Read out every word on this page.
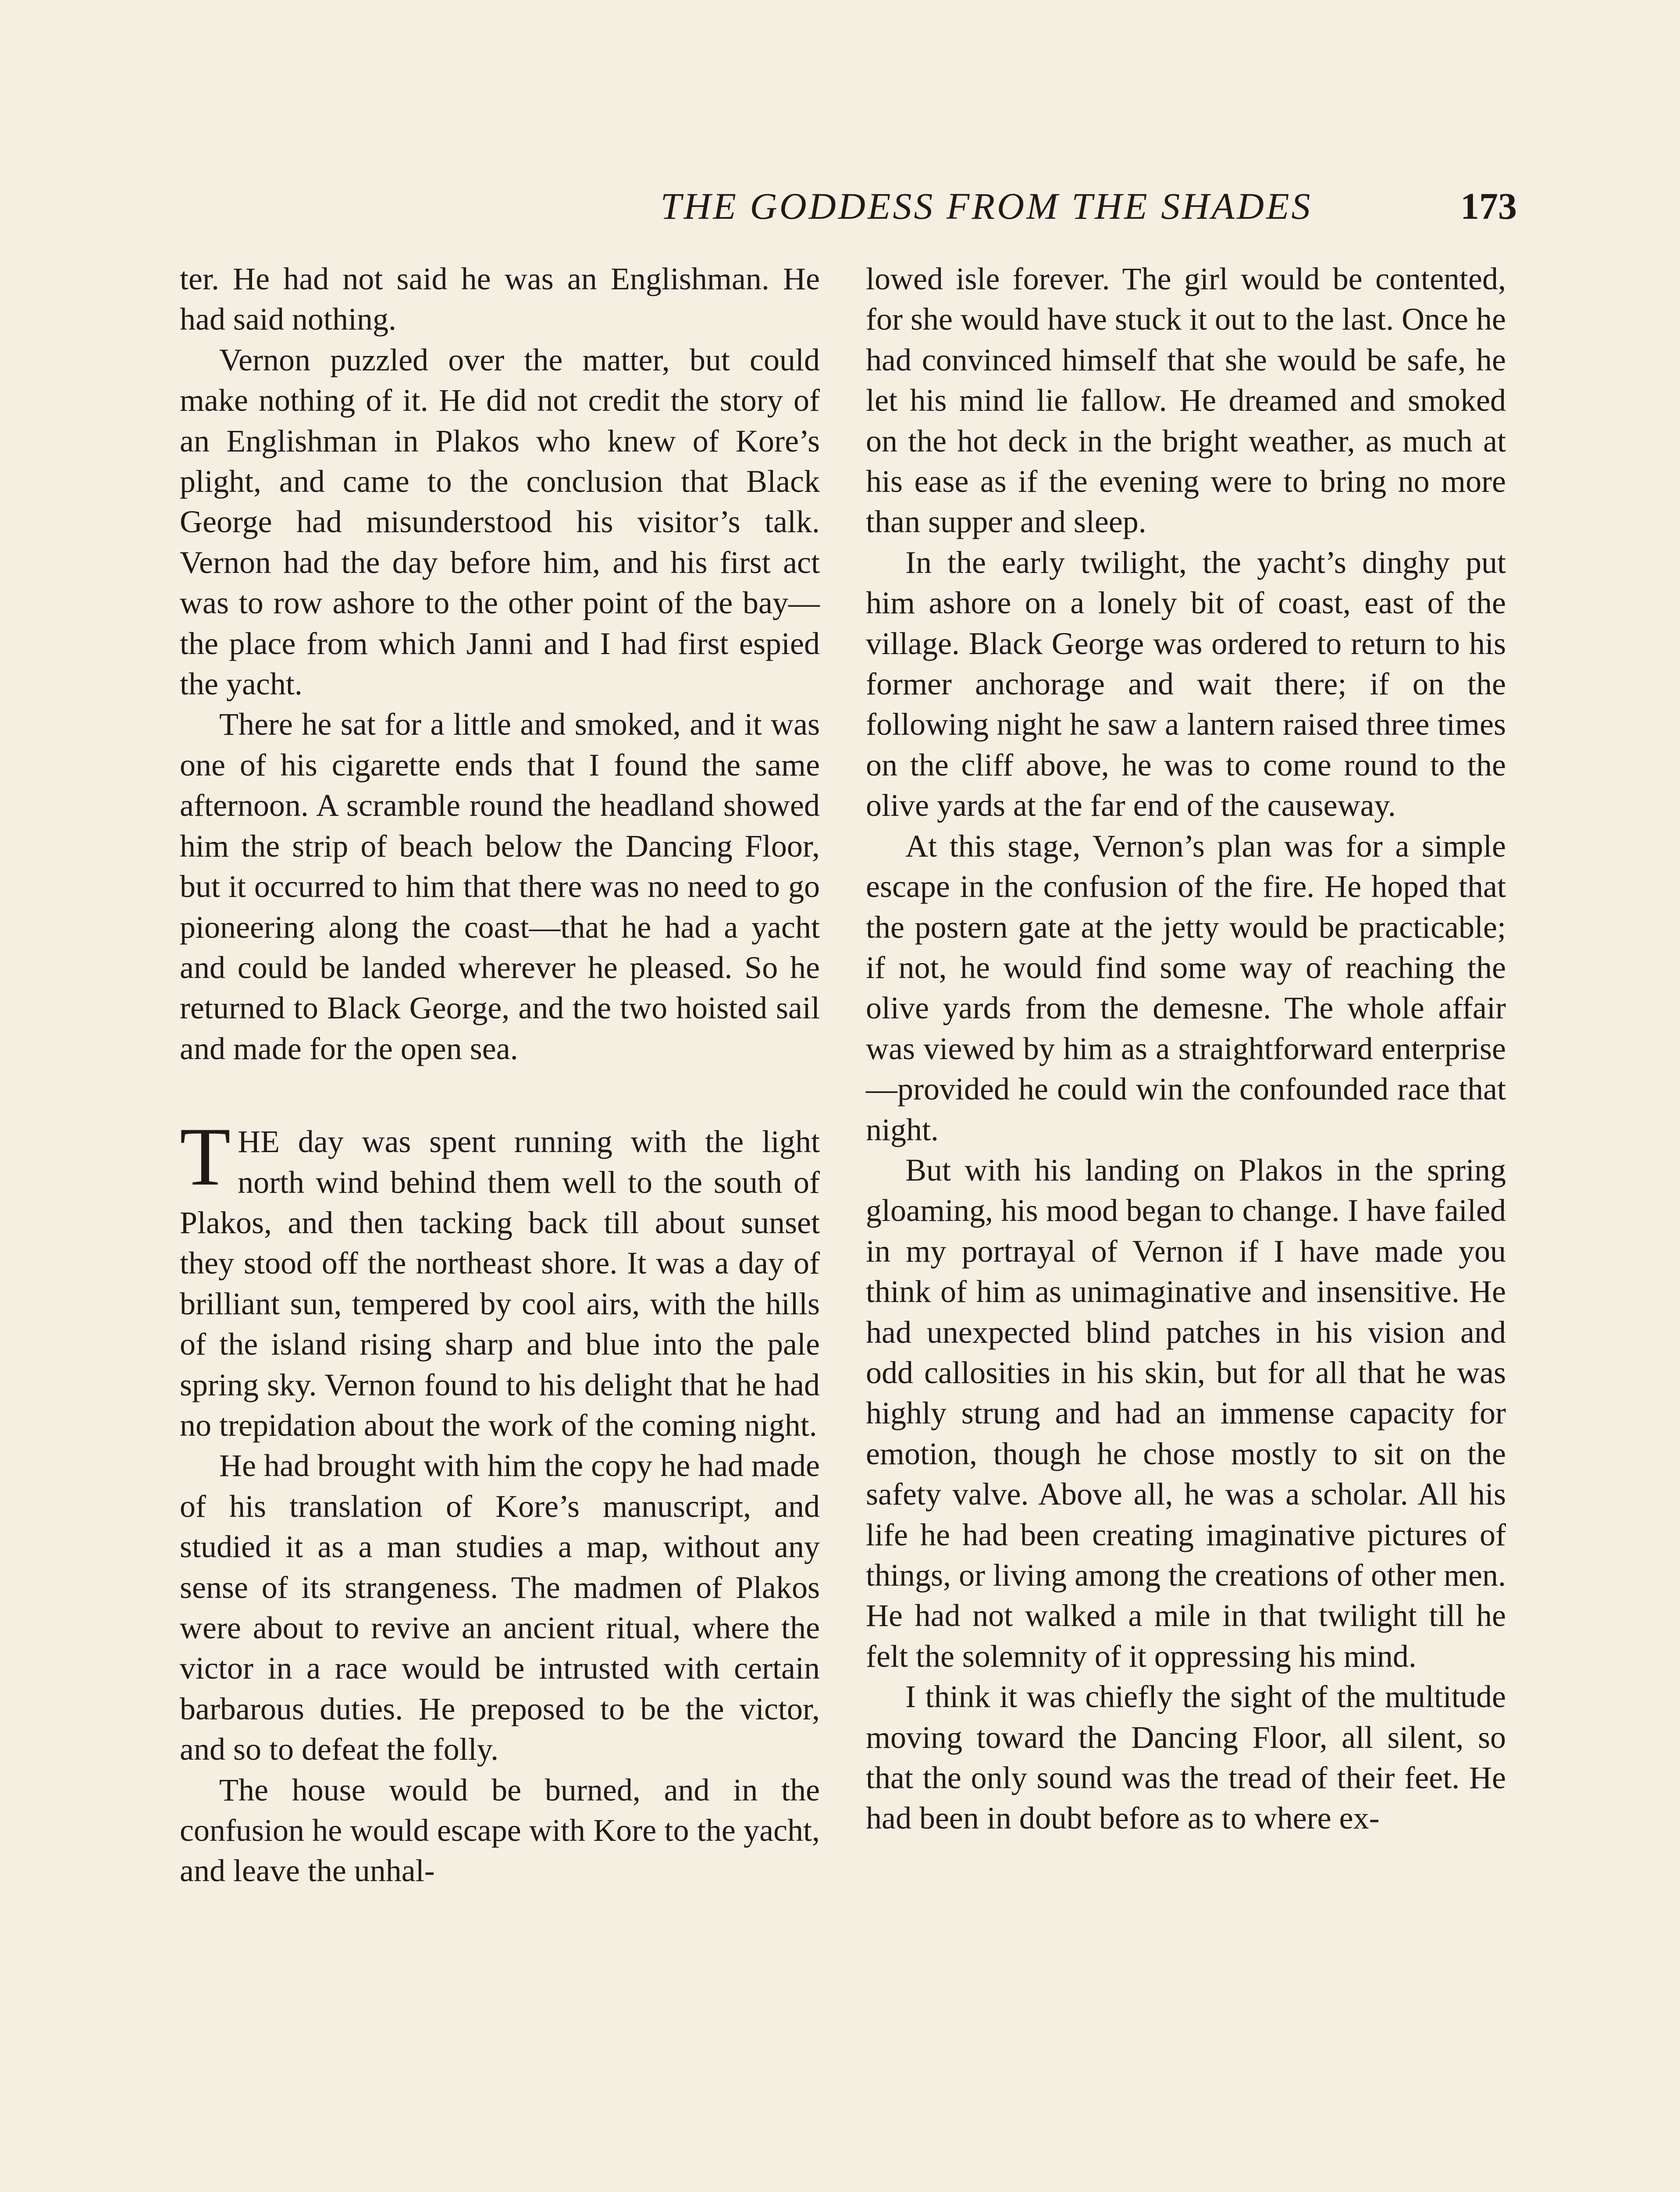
THE GODDESS FROM THE SHADES	173

ter. He had not said he was an Englishman. He had said nothing.

Vernon puzzled over the matter, but could make nothing of it. He did not credit the story of an Englishman in Plakos who knew of Kore’s plight, and came to the conclusion that Black George had misunderstood his visitor’s talk. Vernon had the day before him, and his first act was to row ashore to the other point of the bay—the place from which Janni and I had first espied the yacht.

There he sat for a little and smoked, and it was one of his cigarette ends that I found the same afternoon. A scramble round the headland showed him the strip of beach below the Dancing Floor, but it occurred to him that there was no need to go pioneering along the coast—that he had a yacht and could be landed wherever he pleased. So he returned to Black George, and the two hoisted sail and made for the open sea.

THE day was spent running with the light north wind behind them well to the south of Plakos, and then tacking back till about sunset they stood off the northeast shore. It was a day of brilliant sun, tempered by cool airs, with the hills of the island rising sharp and blue into the pale spring sky. Vernon found to his delight that he had no trepidation about the work of the coming night.

He had brought with him the copy he had made of his translation of Kore’s manuscript, and studied it as a man studies a map, without any sense of its strangeness. The madmen of Plakos were about to revive an ancient ritual, where the victor in a race would be intrusted with certain barbarous duties. He preposed to be the victor, and so to defeat the folly.

The house would be burned, and in the confusion he would escape with Kore to the yacht, and leave the unhal-

lowed isle forever. The girl would be contented, for she would have stuck it out to the last. Once he had convinced himself that she would be safe, he let his mind lie fallow. He dreamed and smoked on the hot deck in the bright weather, as much at his ease as if the evening were to bring no more than supper and sleep.

In the early twilight, the yacht’s dinghy put him ashore on a lonely bit of coast, east of the village. Black George was ordered to return to his former anchorage and wait there; if on the following night he saw a lantern raised three times on the cliff above, he was to come round to the olive yards at the far end of the causeway.

At this stage, Vernon’s plan was for a simple escape in the confusion of the fire. He hoped that the postern gate at the jetty would be practicable; if not, he would find some way of reaching the olive yards from the demesne. The whole affair was viewed by him as a straightforward enterprise—provided he could win the confounded race that night.

But with his landing on Plakos in the spring gloaming, his mood began to change. I have failed in my portrayal of Vernon if I have made you think of him as unimaginative and insensitive. He had unexpected blind patches in his vision and odd callosities in his skin, but for all that he was highly strung and had an immense capacity for emotion, though he chose mostly to sit on the safety valve. Above all, he was a scholar. All his life he had been creating imaginative pictures of things, or living among the creations of other men. He had not walked a mile in that twilight till he felt the solemnity of it oppressing his mind.

I think it was chiefly the sight of the multitude moving toward the Dancing Floor, all silent, so that the only sound was the tread of their feet. He had been in doubt before as to where ex-
